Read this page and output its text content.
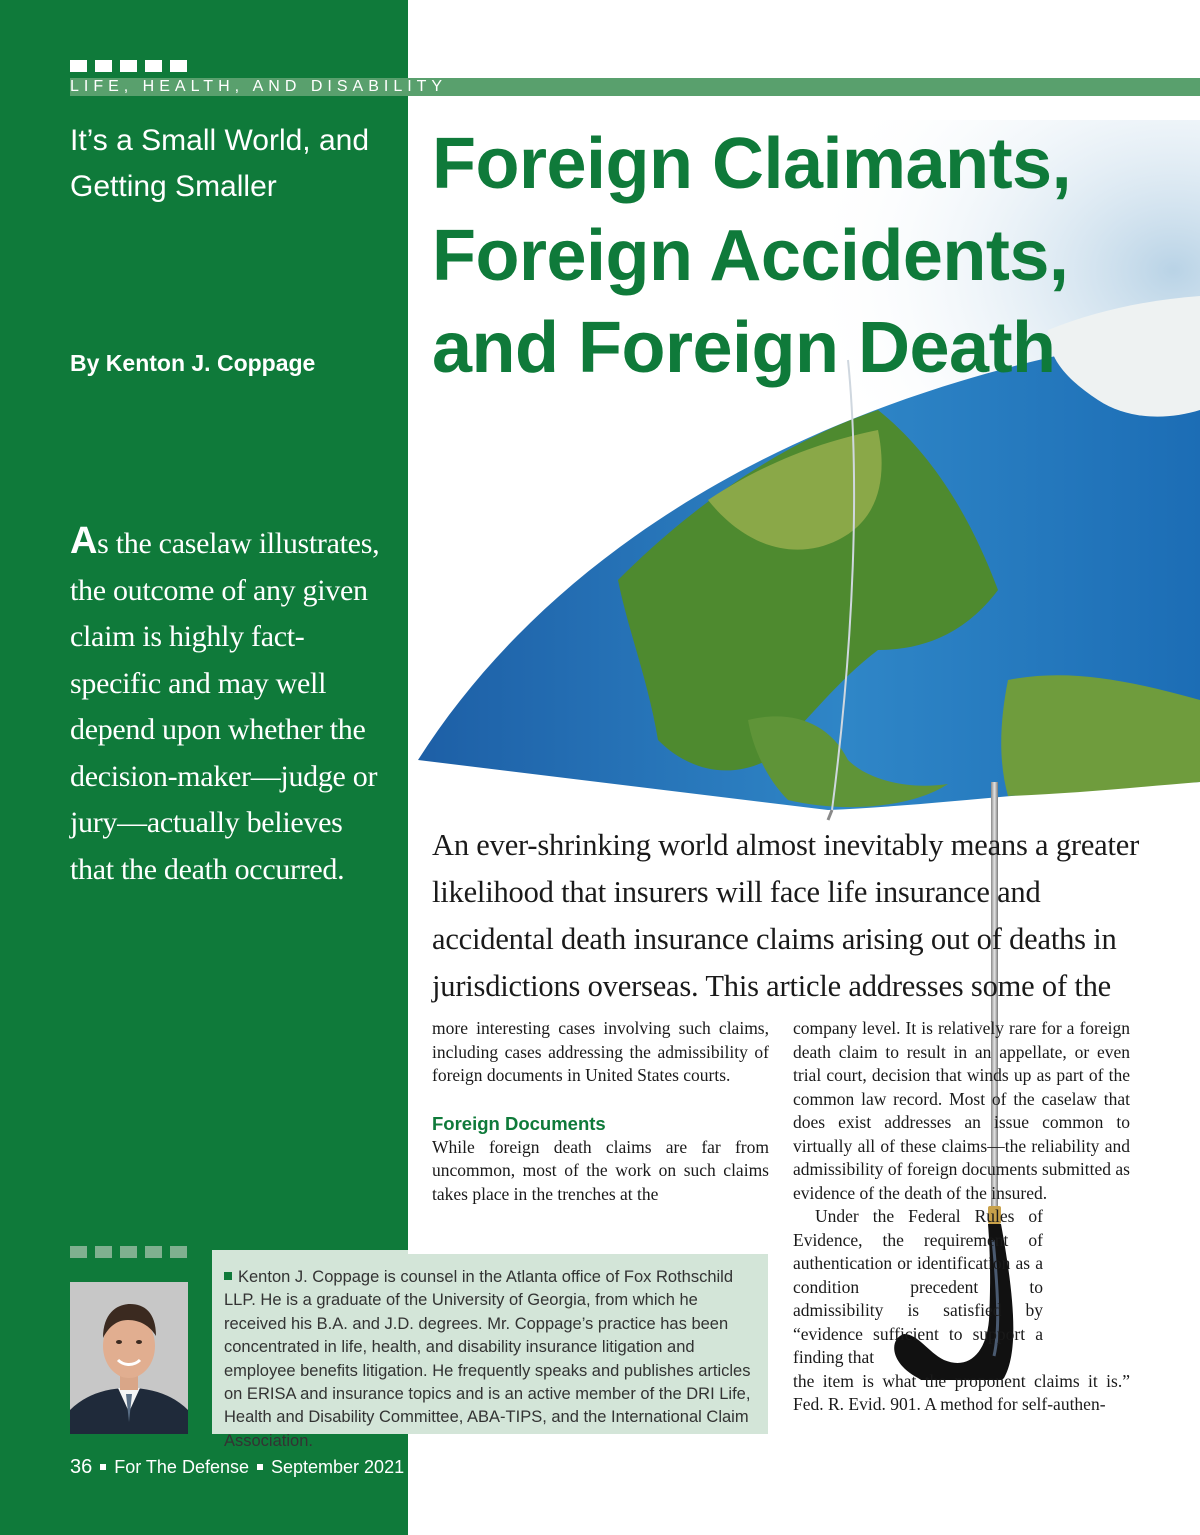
LIFE, HEALTH, AND DISABILITY
It’s a Small World, and Getting Smaller
By Kenton J. Coppage
As the caselaw illustrates, the outcome of any given claim is highly fact-specific and may well depend upon whether the decision-maker—judge or jury—actually believes that the death occurred.
Foreign Claimants, Foreign Accidents, and Foreign Death
An ever-shrinking world almost inevitably means a greater likelihood that insurers will face life insurance and accidental death insurance claims arising out of deaths in jurisdictions overseas. This article addresses some of the

more interesting cases involving such claims, including cases addressing the admissibility of foreign documents in United States courts.

Foreign Documents

While foreign death claims are far from uncommon, most of the work on such claims takes place in the trenches at the

company level. It is relatively rare for a foreign death claim to result in an appellate, or even trial court, decision that winds up as part of the common law record. Most of the caselaw that does exist addresses an issue common to virtually all of these claims—the reliability and admissibility of foreign documents submitted as evidence of the death of the insured.

Under the Federal Rules of Evidence, the requirement of authentication or identification as a condition precedent to admissibility is satisfied by “evidence sufficient to support a finding that

the item is what the proponent claims it is.” Fed. R. Evid. 901. A method for self-authen-

Kenton J. Coppage is counsel in the Atlanta office of Fox Rothschild LLP. He is a graduate of the University of Georgia, from which he received his B.A. and J.D. degrees. Mr. Coppage’s practice has been concentrated in life, health, and disability insurance litigation and employee benefits litigation. He frequently speaks and publishes articles on ERISA and insurance topics and is an active member of the DRI Life, Health and Disability Committee, ABA-TIPS, and the International Claim Association.
36 For The Defense September 2021
